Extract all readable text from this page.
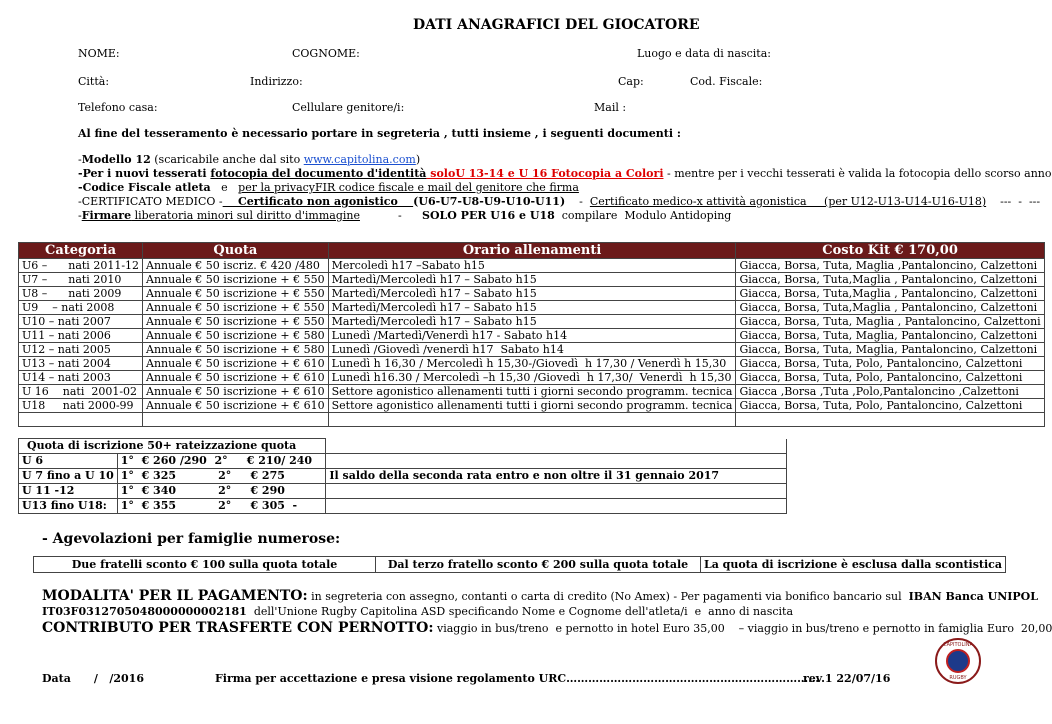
DATI ANAGRAFICI DEL GIOCATORE
NOME:	COGNOME:	Luogo e data di nascita:
Città:	Indirizzo:	Cap:	Cod. Fiscale:
Telefono casa:	Cellulare genitore/i:	Mail :
Al fine del tesseramento è necessario portare in segreteria , tutti insieme , i seguenti documenti :
-Modello 12 (scaricabile anche dal sito www.capitolina.com)
-Per i nuovi tesserati fotocopia del documento d'identità soloU 13-14 e U 16 Fotocopia a Colori - mentre per i vecchi tesserati è valida la fotocopia dello scorso anno
-Codice Fiscale atleta   e   per la privacyFIR codice fiscale e mail del genitore che firma
-CERTIFICATO MEDICO -    Certificato non agonistico    (U6-U7-U8-U9-U10-U11)    -  Certificato medico-x attività agonistica     (per U12-U13-U14-U16-U18)    ---  -  ---
-Firmare liberatoria minori sul diritto d'immagine	- SOLO PER U16 e U18  compilare  Modulo Antidoping
Categoria	Quota	Orario allenamenti	Costo Kit € 170,00
U6 –      nati 2011-12	Annuale € 50 iscriz. € 420 /480	Mercoledì h17 –Sabato h15	Giacca, Borsa, Tuta, Maglia ,Pantaloncino, Calzettoni
U7 –      nati 2010	Annuale € 50 iscrizione + € 550	Martedì/Mercoledì h17 – Sabato h15	Giacca, Borsa, Tuta,Maglia , Pantaloncino, Calzettoni
U8 –      nati 2009	Annuale € 50 iscrizione + € 550	Martedì/Mercoledì h17 – Sabato h15	Giacca, Borsa, Tuta,Maglia , Pantaloncino, Calzettoni
U9    – nati 2008	Annuale € 50 iscrizione + € 550	Martedì/Mercoledì h17 – Sabato h15	Giacca, Borsa, Tuta,Maglia , Pantaloncino, Calzettoni
U10 – nati 2007	Annuale € 50 iscrizione + € 550	Martedì/Mercoledì h17 – Sabato h15	Giacca, Borsa, Tuta, Maglia , Pantaloncino, Calzettoni
U11 – nati 2006	Annuale € 50 iscrizione + € 580	Lunedì /Martedì/Venerdì h17 - Sabato h14	Giacca, Borsa, Tuta, Maglia, Pantaloncino, Calzettoni
U12 – nati 2005	Annuale € 50 iscrizione + € 580	Lunedì /Giovedì /venerdì h17  Sabato h14	Giacca, Borsa, Tuta, Maglia, Pantaloncino, Calzettoni
U13 – nati 2004	Annuale € 50 iscrizione + € 610	Lunedì h 16,30 / Mercoledì h 15,30-/Giovedì  h 17,30 / Venerdì h 15,30	Giacca, Borsa, Tuta, Polo, Pantaloncino, Calzettoni
U14 – nati 2003	Annuale € 50 iscrizione + € 610	Lunedì h16.30 / Mercoledì –h 15,30 /Giovedì  h 17,30/  Venerdì  h 15,30	Giacca, Borsa, Tuta, Polo, Pantaloncino, Calzettoni
U 16    nati  2001-02	Annuale € 50 iscrizione + € 610	Settore agonistico allenamenti tutti i giorni secondo programm. tecnica	Giacca ,Borsa ,Tuta ,Polo,Pantaloncino ,Calzettoni
U18     nati 2000-99	Annuale € 50 iscrizione + € 610	Settore agonistico allenamenti tutti i giorni secondo programm. tecnica	Giacca, Borsa, Tuta, Polo, Pantaloncino, Calzettoni

Quota di iscrizione 50+ rateizzazione quota		
U 6	1°  € 260 /290  2°     € 210/ 240	
U 7 fino a U 10	1°  € 325           2°     € 275	Il saldo della seconda rata entro e non oltre il 31 gennaio 2017
U 11 -12	1°  € 340           2°     € 290	
U13 fino U18:	1°  € 355           2°     € 305  -	
- Agevolazioni per famiglie numerose:
Due fratelli sconto € 100 sulla quota totale	Dal terzo fratello sconto € 200 sulla quota totale	La quota di iscrizione è esclusa dalla scontistica
MODALITA' PER IL PAGAMENTO: in segreteria con assegno, contanti o carta di credito (No Amex) - Per pagamenti via bonifico bancario sul  IBAN Banca UNIPOL
IT03F0312705048000000002181  dell'Unione Rugby Capitolina ASD specificando Nome e Cognome dell'atleta/i  e  anno di nascita
CONTRIBUTO PER TRASFERTE CON PERNOTTO: viaggio in bus/treno  e pernotto in hotel Euro 35,00    – viaggio in bus/treno e pernotto in famiglia Euro  20,00
CAPITOLINA
RUGBY
Data      /   /2016	Firma per accettazione e presa visione regolamento URC……………………………………………………………
rev.1 22/07/16
